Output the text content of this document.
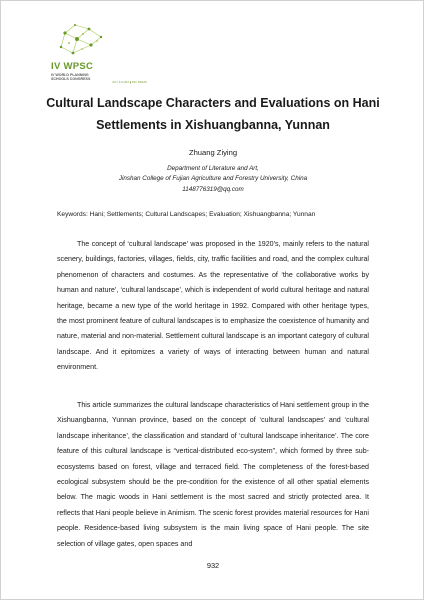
IV WPSC
IV WORLD PLANNING
SCHOOLS CONGRESS
JULY 4-8 2016 ▮ RIO, BRAZIL
Cultural Landscape Characters and Evaluations on Hani Settlements in Xishuangbanna, Yunnan
Zhuang Ziying
Department of Literature and Art,
Jinshan College of Fujian Agriculture and Forestry University, China
1148776319@qq.com
Keywords: Hani; Settlements; Cultural Landscapes; Evaluation; Xishuangbanna; Yunnan

The concept of ‘cultural landscape’ was proposed in the 1920’s, mainly refers to the natural scenery, buildings, factories, villages, fields, city, traffic facilities and road, and the complex cultural phenomenon of characters and costumes. As the representative of ‘the collaborative works by human and nature’, ‘cultural landscape’, which is independent of world cultural heritage and natural heritage, became a new type of the world heritage in 1992. Compared with other heritage types, the most prominent feature of cultural landscapes is to emphasize the coexistence of humanity and nature, material and non-material. Settlement cultural landscape is an important category of cultural landscape. And it epitomizes a variety of ways of interacting between human and natural environment.

This article summarizes the cultural landscape characteristics of Hani settlement group in the Xishuangbanna, Yunnan province, based on the concept of ‘cultural landscapes’ and ‘cultural landscape inheritance’, the classification and standard of ‘cultural landscape inheritance’. The core feature of this cultural landscape is “vertical-distributed eco-system”, which formed by three sub-ecosystems based on forest, village and terraced field. The completeness of the forest-based ecological subsystem should be the pre-condition for the existence of all other spatial elements below. The magic woods in Hani settlement is the most sacred and strictly protected area. It reflects that Hani people believe in Animism. The scenic forest provides material resources for Hani people. Residence-based living subsystem is the main living space of Hani people. The site selection of village gates, open spaces and

932
